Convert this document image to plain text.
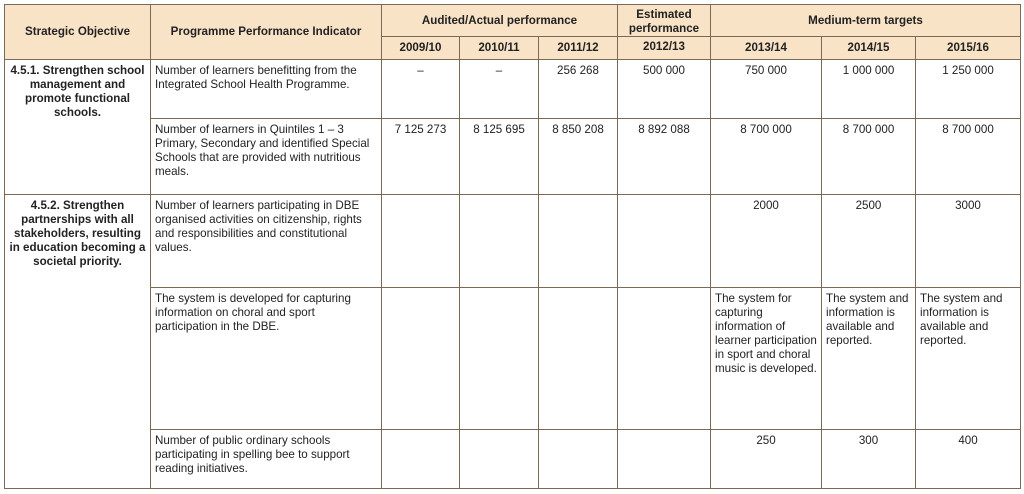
Strategic Objective	Programme Performance Indicator	Audited/Actual performance			Estimated performance	Medium-term targets		
		2009/10	2010/11	2011/12	2012/13	2013/14	2014/15	2015/16
4.5.1. Strengthen school management and promote functional schools.	Number of learners benefitting from the Integrated School Health Programme.	–	–	256 268	500 000	750 000	1 000 000	1 250 000
	Number of learners in Quintiles 1 – 3 Primary, Secondary and identified Special Schools that are provided with nutritious meals.	7 125 273	8 125 695	8 850 208	8 892 088	8 700 000	8 700 000	8 700 000
4.5.2. Strengthen partnerships with all stakeholders, resulting in education becoming a societal priority.	Number of learners participating in DBE organised activities on citizenship, rights and responsibilities and constitutional values.					2000	2500	3000
	The system is developed for capturing information on choral and sport participation in the DBE.					The system for capturing information of learner participation in sport and choral music is developed.	The system and information is available and reported.	The system and information is available and reported.
	Number of public ordinary schools participating in spelling bee to support reading initiatives.					250	300	400
